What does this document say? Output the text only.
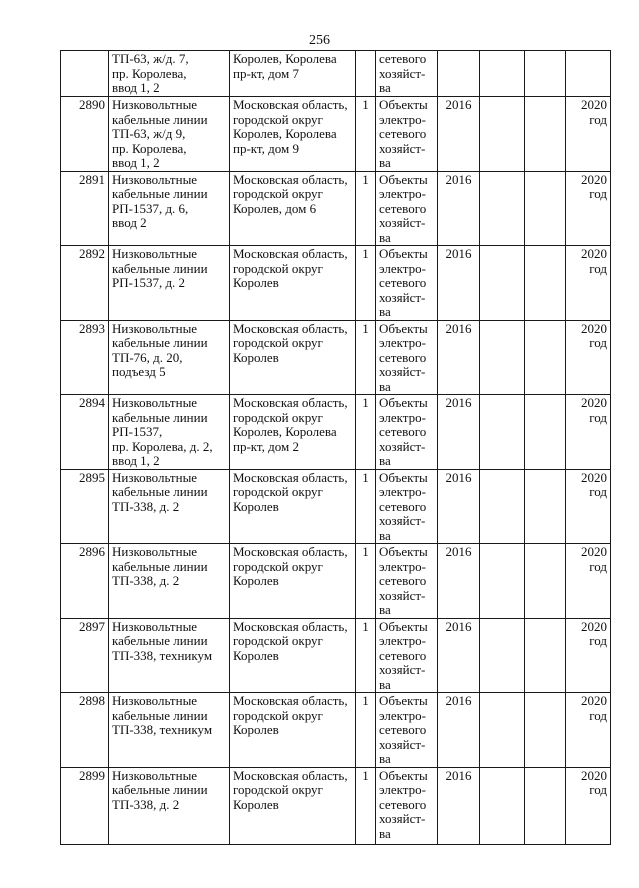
256

	ТП-63, ж/д. 7,
пр. Королева,
ввод 1, 2	Королев, Королева
пр-кт, дом 7		сетевого
хозяйст-
ва				

2890	Низковольтные
кабельные линии
ТП-63, ж/д 9,
пр. Королева,
ввод 1, 2	Московская область,
городской округ
Королев, Королева
пр-кт, дом 9	1	Объекты
электро-
сетевого
хозяйст-
ва	2016			2020
год

2891	Низковольтные
кабельные линии
РП-1537, д. 6,
ввод 2	Московская область,
городской округ
Королев, дом 6	1	Объекты
электро-
сетевого
хозяйст-
ва	2016			2020
год

2892	Низковольтные
кабельные линии
РП-1537, д. 2	Московская область,
городской округ
Королев	1	Объекты
электро-
сетевого
хозяйст-
ва	2016			2020
год

2893	Низковольтные
кабельные линии
ТП-76, д. 20,
подъезд 5	Московская область,
городской округ
Королев	1	Объекты
электро-
сетевого
хозяйст-
ва	2016			2020
год

2894	Низковольтные
кабельные линии
РП-1537,
пр. Королева, д. 2,
ввод 1, 2	Московская область,
городской округ
Королев, Королева
пр-кт, дом 2	1	Объекты
электро-
сетевого
хозяйст-
ва	2016			2020
год

2895	Низковольтные
кабельные линии
ТП-338, д. 2	Московская область,
городской округ
Королев	1	Объекты
электро-
сетевого
хозяйст-
ва	2016			2020
год

2896	Низковольтные
кабельные линии
ТП-338, д. 2	Московская область,
городской округ
Королев	1	Объекты
электро-
сетевого
хозяйст-
ва	2016			2020
год

2897	Низковольтные
кабельные линии
ТП-338, техникум	Московская область,
городской округ
Королев	1	Объекты
электро-
сетевого
хозяйст-
ва	2016			2020
год

2898	Низковольтные
кабельные линии
ТП-338, техникум	Московская область,
городской округ
Королев	1	Объекты
электро-
сетевого
хозяйст-
ва	2016			2020
год

2899	Низковольтные
кабельные линии
ТП-338, д. 2	Московская область,
городской округ
Королев	1	Объекты
электро-
сетевого
хозяйст-
ва	2016			2020
год
